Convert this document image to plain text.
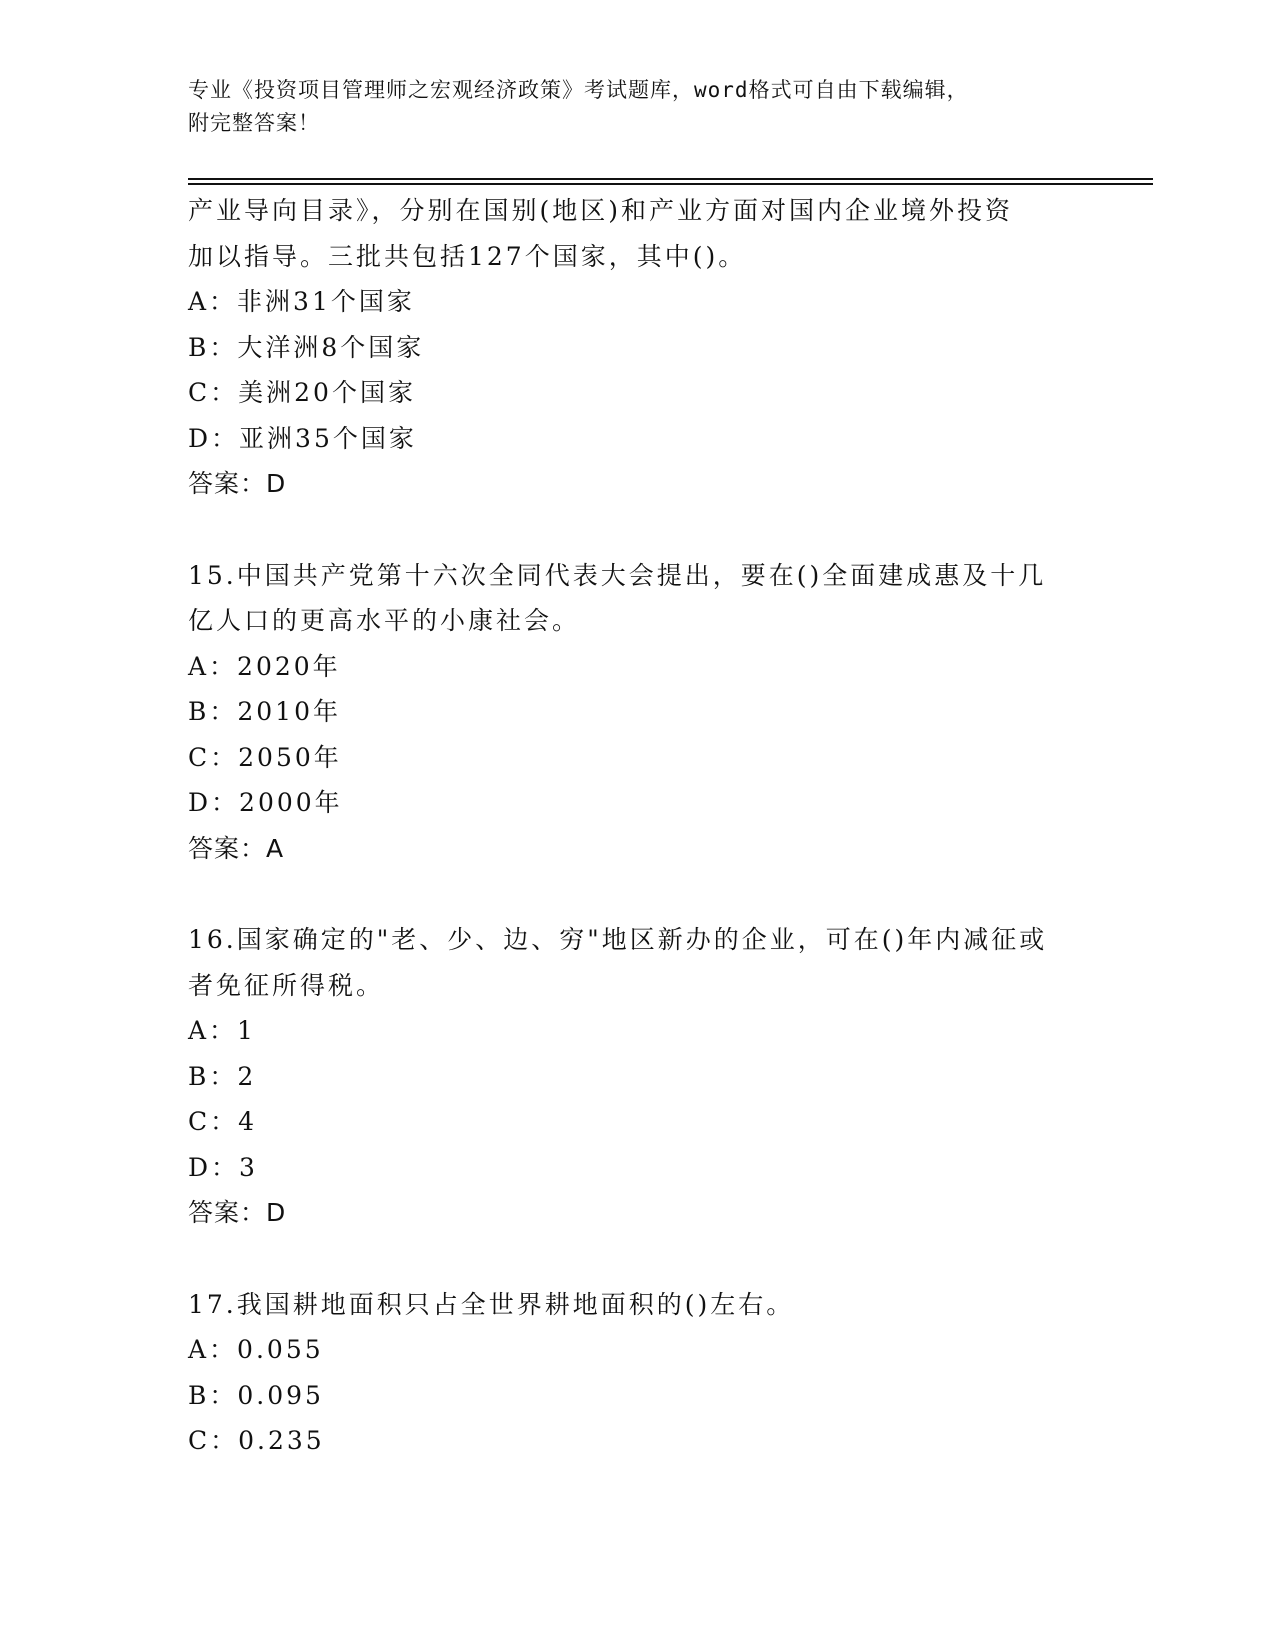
专业《投资项目管理师之宏观经济政策》考试题库，word格式可自由下载编辑，
附完整答案！
产业导向目录》，分别在国别(地区)和产业方面对国内企业境外投资
加以指导。三批共包括127个国家，其中()。
A：非洲31个国家
B：大洋洲8个国家
C：美洲20个国家
D：亚洲35个国家
答案：D
15.中国共产党第十六次全同代表大会提出，要在()全面建成惠及十几
亿人口的更高水平的小康社会。
A：2020年
B：2010年
C：2050年
D：2000年
答案：A
16.国家确定的"老、少、边、穷"地区新办的企业，可在()年内减征或
者免征所得税。
A：1
B：2
C：4
D：3
答案：D
17.我国耕地面积只占全世界耕地面积的()左右。
A：0.055
B：0.095
C：0.235
